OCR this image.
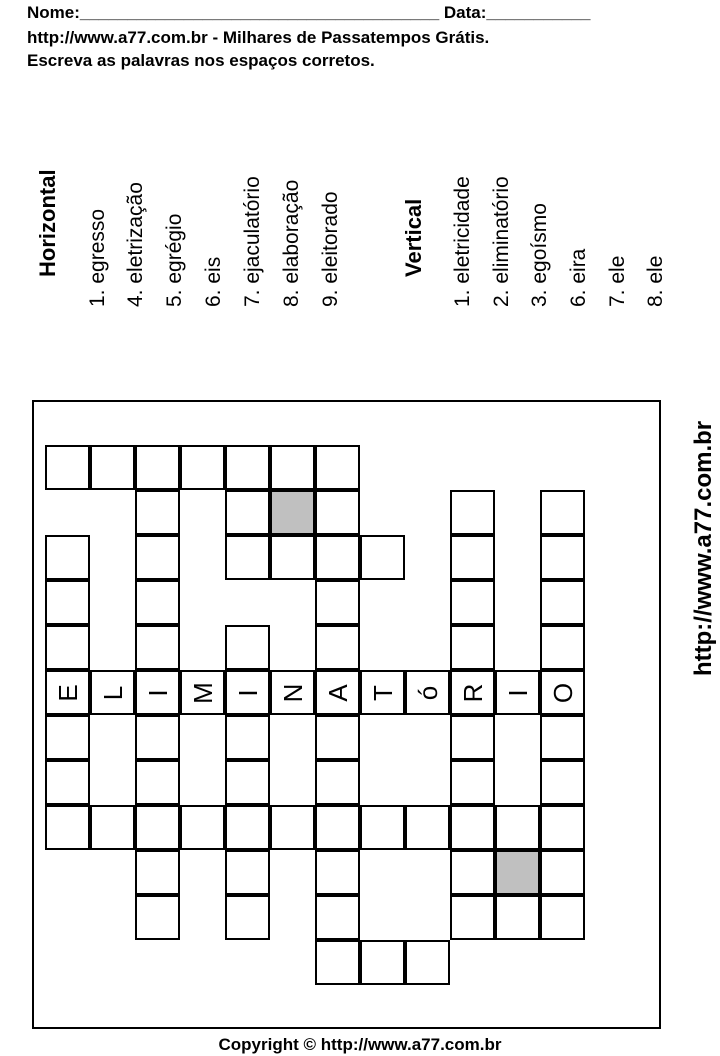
Nome:______________________________________ Data:___________
http://www.a77.com.br - Milhares de Passatempos Grátis.
Escreva as palavras nos espaços corretos.
Horizontal 1. egresso 4. eletrização 5. egrégio 6. eis 7. ejaculatório 8. elaboração 9. eleitorado	Vertical 1. eletricidade 2. eliminatório 3. egoísmo 6. eira 7. ele 8. ele
http://www.a77.com.br
E L I M I N A T ó R I O
Copyright © http://www.a77.com.br
